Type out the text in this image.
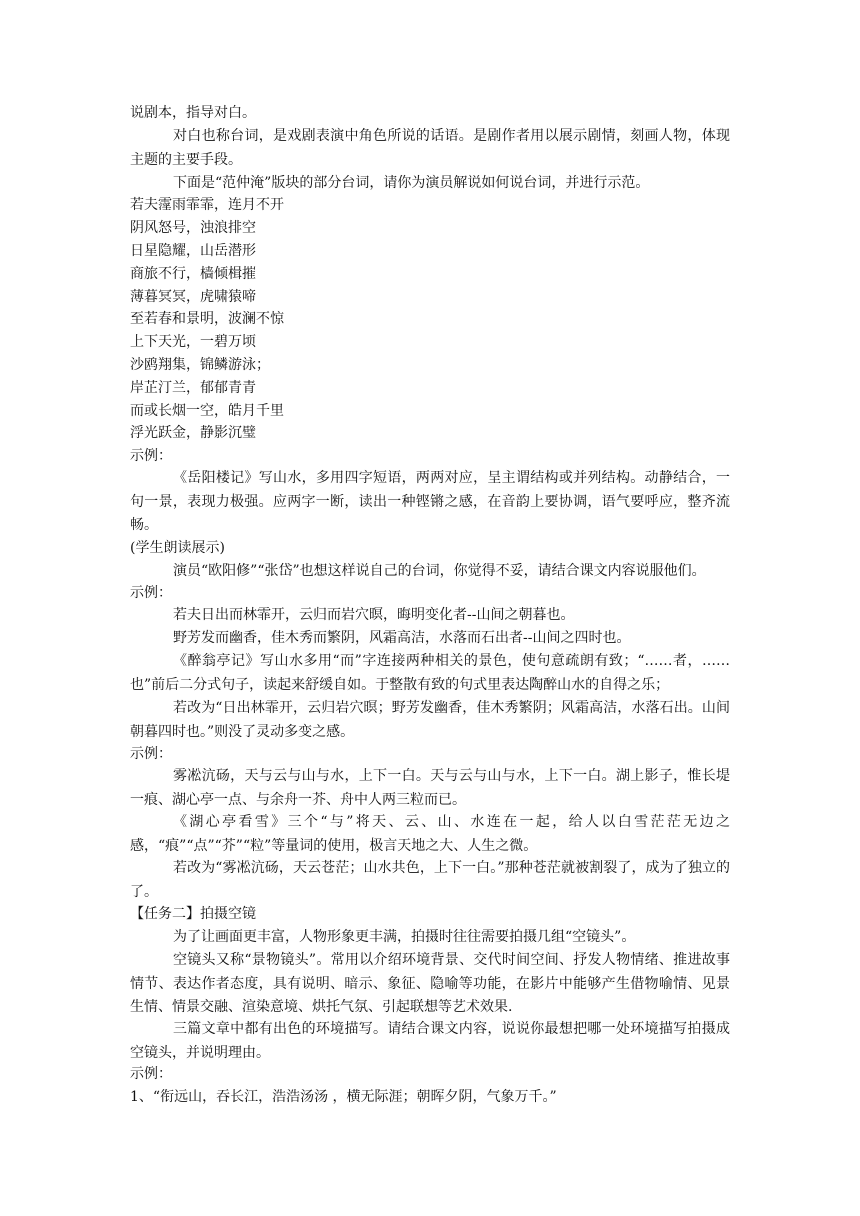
说剧本，指导对白。
对白也称台词，是戏剧表演中角色所说的话语。是剧作者用以展示剧情，刻画人物，体现主题的主要手段。
下面是“范仲淹”版块的部分台词，请你为演员解说如何说台词，并进行示范。
若夫霪雨霏霏，连月不开
阴风怒号，浊浪排空
日星隐耀，山岳潜形
商旅不行，樯倾楫摧
薄暮冥冥，虎啸猿啼
至若春和景明，波澜不惊
上下天光，一碧万顷
沙鸥翔集，锦鳞游泳；
岸芷汀兰，郁郁青青
而或长烟一空，皓月千里
浮光跃金，静影沉璧
示例：
《岳阳楼记》写山水，多用四字短语，两两对应，呈主谓结构或并列结构。动静结合，一句一景，表现力极强。应两字一断，读出一种铿锵之感，在音韵上要协调，语气要呼应，整齐流畅。
(学生朗读展示)
演员“欧阳修”“张岱”也想这样说自己的台词，你觉得不妥，请结合课文内容说服他们。
示例：
若夫日出而林霏开，云归而岩穴暝，晦明变化者--山间之朝暮也。
野芳发而幽香，佳木秀而繁阴，风霜高洁，水落而石出者--山间之四时也。
《醉翁亭记》写山水多用“而”字连接两种相关的景色，使句意疏朗有致；“……者，……也”前后二分式句子，读起来舒缓自如。于整散有致的句式里表达陶醉山水的自得之乐；
若改为“日出林霏开，云归岩穴暝；野芳发幽香，佳木秀繁阴；风霜高洁，水落石出。山间朝暮四时也。”则没了灵动多变之感。
示例：
雾凇沆砀，天与云与山与水，上下一白。天与云与山与水，上下一白。湖上影子，惟长堤一痕、湖心亭一点、与余舟一芥、舟中人两三粒而已。
《湖心亭看雪》三个“与”将天、云、山、水连在一起，给人以白雪茫茫无边之感，“痕”“点”“芥”“粒”等量词的使用，极言天地之大、人生之微。
若改为“雾凇沆砀，天云苍茫；山水共色，上下一白。”那种苍茫就被割裂了，成为了独立的了。
【任务二】拍摄空镜
为了让画面更丰富，人物形象更丰满，拍摄时往往需要拍摄几组“空镜头”。
空镜头又称“景物镜头”。常用以介绍环境背景、交代时间空间、抒发人物情绪、推进故事情节、表达作者态度，具有说明、暗示、象征、隐喻等功能，在影片中能够产生借物喻情、见景生情、情景交融、渲染意境、烘托气氛、引起联想等艺术效果.
三篇文章中都有出色的环境描写。请结合课文内容，说说你最想把哪一处环境描写拍摄成空镜头，并说明理由。
示例：
1、“衔远山，吞长江，浩浩汤汤 ，横无际涯；朝晖夕阴，气象万千。”
